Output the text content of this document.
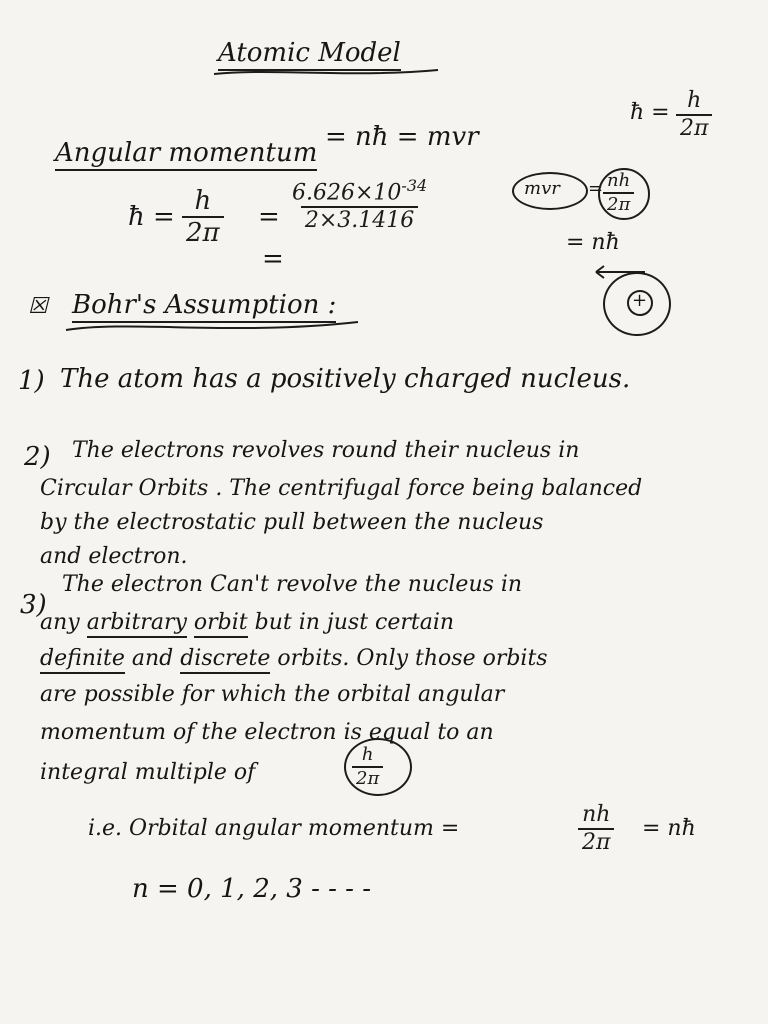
Atomic Model
ħ = $\frac{h}{2\pi}$
Angular momentum
= nħ = mvr
ħ = $\frac{h}{2\pi} = \frac{6.626\times 10^{-34}}{2\times 3.1416}$
=
mvr = $\frac{nh}{2\pi}$
= nħ
+
☒ Bohr's Assumption :
1) The atom has a positively charged nucleus.
2) The electrons revolves round their nucleus in
Circular Orbits . The centrifugal force being balanced
by the electrostatic pull between the nucleus
and electron.
3)
The electron Can't revolve the nucleus in
any arbitrary orbit but in just certain
definite and discrete orbits. Only those orbits
are possible for which the orbital angular
momentum of the electron is equal to an
integral multiple of	$\frac{h}{2\pi}$
i.e. Orbital angular momentum =	$\frac{nh}{2\pi}$ = nħ
n = 0, 1, 2, 3 - - - -
